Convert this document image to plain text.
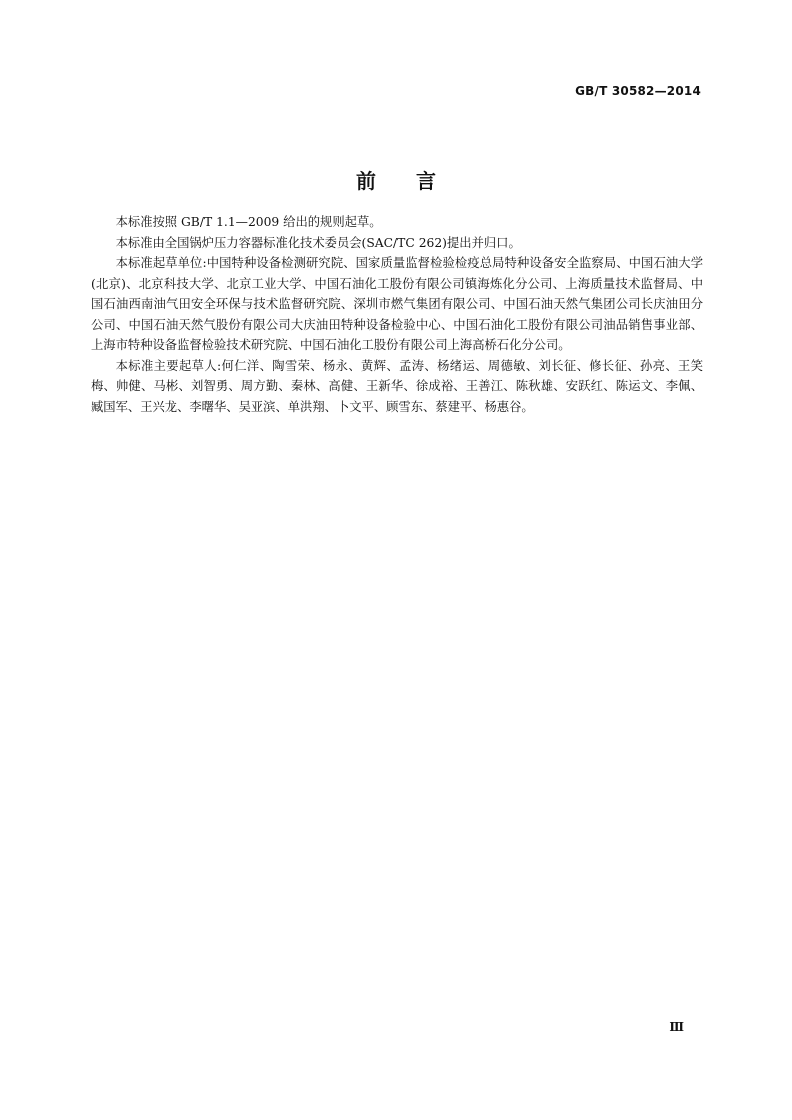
GB/T 30582—2014
前言

本标准按照 GB/T 1.1—2009 给出的规则起草。

本标准由全国锅炉压力容器标准化技术委员会(SAC/TC 262)提出并归口。

本标准起草单位:中国特种设备检测研究院、国家质量监督检验检疫总局特种设备安全监察局、中国石油大学(北京)、北京科技大学、北京工业大学、中国石油化工股份有限公司镇海炼化分公司、上海质量技术监督局、中国石油西南油气田安全环保与技术监督研究院、深圳市燃气集团有限公司、中国石油天然气集团公司长庆油田分公司、中国石油天然气股份有限公司大庆油田特种设备检验中心、中国石油化工股份有限公司油品销售事业部、上海市特种设备监督检验技术研究院、中国石油化工股份有限公司上海高桥石化分公司。

本标准主要起草人:何仁洋、陶雪荣、杨永、黄辉、孟涛、杨绪运、周德敏、刘长征、修长征、孙亮、王笑梅、帅健、马彬、刘智勇、周方勤、秦林、高健、王新华、徐成裕、王善江、陈秋雄、安跃红、陈运文、李佩、臧国军、王兴龙、李曙华、吴亚滨、单洪翔、卜文平、顾雪东、蔡建平、杨惠谷。

Ⅲ
